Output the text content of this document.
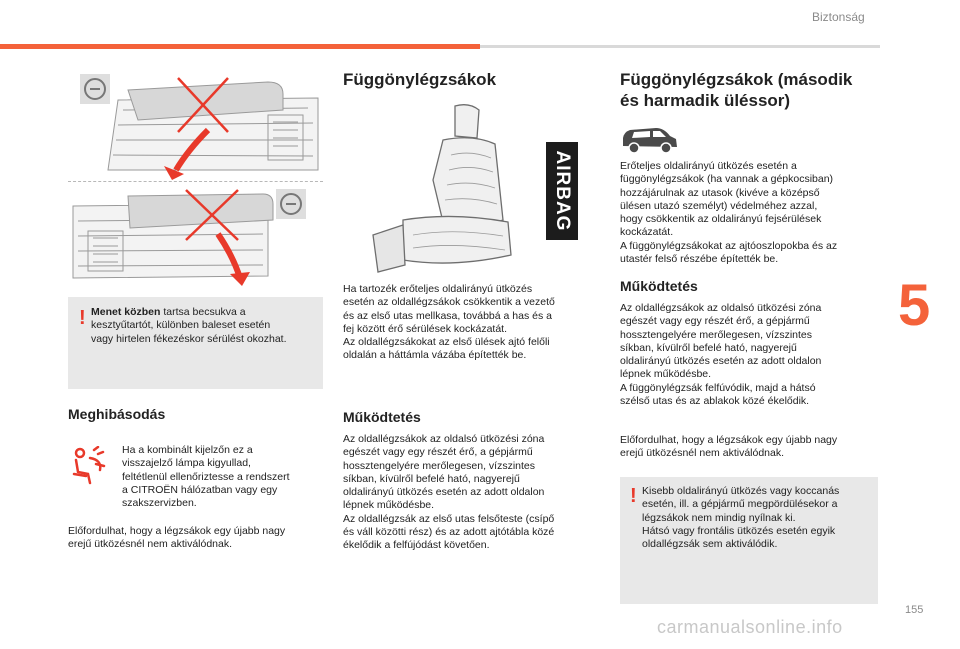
Biztonság
! Menet közben tartsa becsukva a
kesztyűtartót, különben baleset esetén
vagy hirtelen fékezéskor sérülést okozhat.
Meghibásodás
Ha a kombinált kijelzőn ez a
visszajelző lámpa kigyullad,
feltétlenül ellenőriztesse a rendszert
a CITROËN hálózatban vagy egy
szakszervizben.
Előfordulhat, hogy a légzsákok egy újabb nagy
erejű ütközésnél nem aktiválódnak.
Függönylégzsákok
AIRBAG
Ha tartozék erőteljes oldalirányú ütközés
esetén az oldallégzsákok csökkentik a vezető
és az első utas mellkasa, továbbá a has és a
fej között érő sérülések kockázatát.
Az oldallégzsákokat az első ülések ajtó felőli
oldalán a háttámla vázába építették be.
Működtetés
Az oldallégzsákok az oldalsó ütközési zóna
egészét vagy egy részét érő, a gépjármű
hossztengelyére merőlegesen, vízszintes
síkban, kívülről befelé ható, nagyerejű
oldalirányú ütközés esetén az adott oldalon
lépnek működésbe.
Az oldallégzsák az első utas felsőteste (csípő
és váll közötti rész) és az adott ajtótábla közé
ékelődik a felfújódást követően.
Függönylégzsákok (második
és harmadik üléssor)
Erőteljes oldalirányú ütközés esetén a
függönylégzsákok (ha vannak a gépkocsiban)
hozzájárulnak az utasok (kivéve a középső
ülésen utazó személyt) védelméhez azzal,
hogy csökkentik az oldalirányú fejsérülések
kockázatát.
A függönylégzsákokat az ajtóoszlopokba és az
utastér felső részébe építették be.
Működtetés
Az oldallégzsákok az oldalsó ütközési zóna
egészét vagy egy részét érő, a gépjármű
hossztengelyére merőlegesen, vízszintes
síkban, kívülről befelé ható, nagyerejű
oldalirányú ütközés esetén az adott oldalon
lépnek működésbe.
A függönylégzsák felfúvódik, majd a hátsó
szélső utas és az ablakok közé ékelődik.
Előfordulhat, hogy a légzsákok egy újabb nagy
erejű ütközésnél nem aktiválódnak.
! Kisebb oldalirányú ütközés vagy koccanás
esetén, ill. a gépjármű megpördülésekor a
légzsákok nem mindig nyílnak ki.
Hátsó vagy frontális ütközés esetén egyik
oldallégzsák sem aktiválódik.
5
155
carmanualsonline.info
